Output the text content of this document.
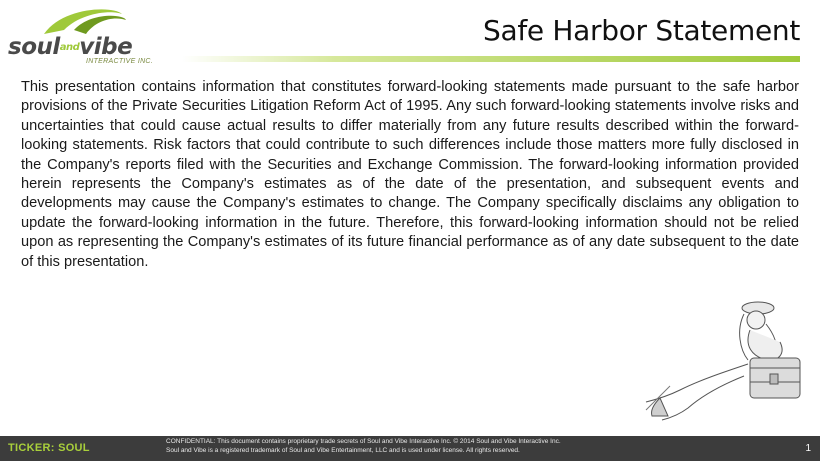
soulandvibe
INTERACTIVE INC.
Safe Harbor Statement

This presentation contains information that constitutes forward-looking statements made pursuant to the safe harbor provisions of the Private Securities Litigation Reform Act of 1995. Any such forward-looking statements involve risks and uncertainties that could cause actual results to differ materially from any future results described within the forward-looking statements. Risk factors that could contribute to such differences include those matters more fully disclosed in the Company's reports filed with the Securities and Exchange Commission. The forward-looking information provided herein represents the Company's estimates as of the date of the presentation, and subsequent events and developments may cause the Company's estimates to change. The Company specifically disclaims any obligation to update the forward-looking information in the future. Therefore, this forward-looking information should not be relied upon as representing the Company's estimates of its future financial performance as of any date subsequent to the date of this presentation.

TICKER: SOUL
CONFIDENTIAL: This document contains proprietary trade secrets of Soul and Vibe Interactive Inc. © 2014 Soul and Vibe Interactive Inc.
Soul and Vibe is a registered trademark of Soul and Vibe Entertainment, LLC and is used under license. All rights reserved.	1
